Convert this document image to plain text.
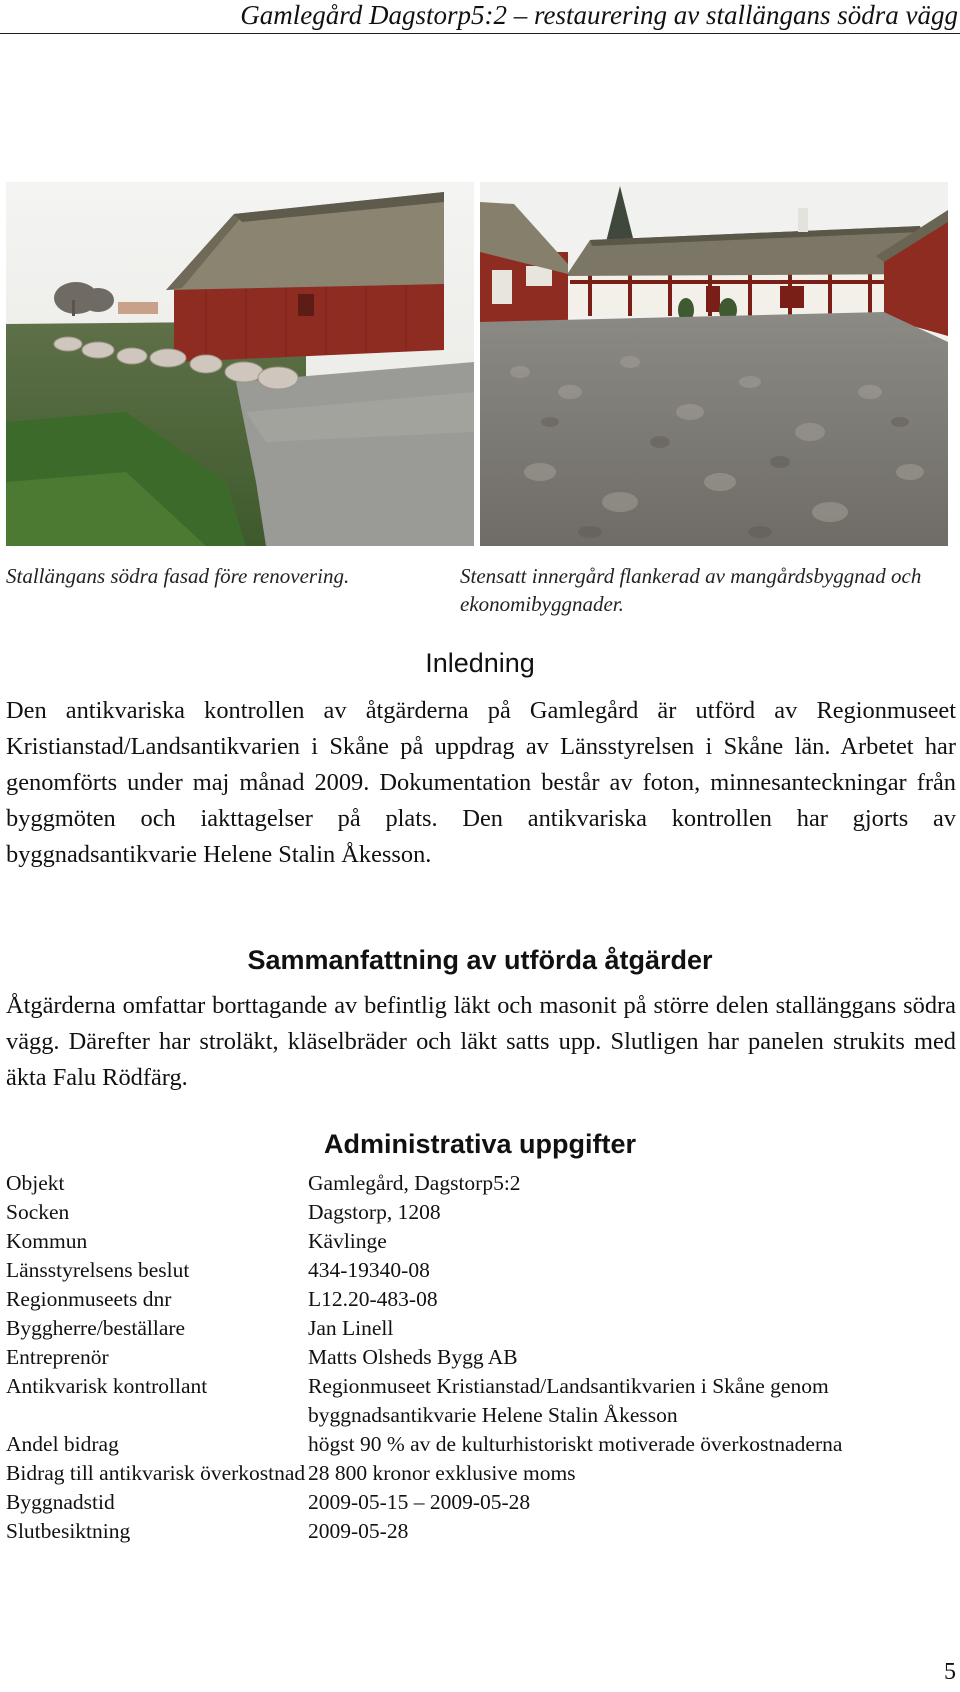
Gamlegård Dagstorp5:2 – restaurering av stallängans södra vägg
Stallängans södra fasad före renovering.	Stensatt innergård flankerad av mangårdsbyggnad och ekonomibyggnader.
Inledning
Den antikvariska kontrollen av åtgärderna på Gamlegård är utförd av Regionmuseet Kristianstad/Landsantikvarien i Skåne på uppdrag av Länsstyrelsen i Skåne län. Arbetet har genomförts under maj månad 2009. Dokumentation består av foton, minnesanteckningar från byggmöten och iakttagelser på plats. Den antikvariska kontrollen har gjorts av byggnadsantikvarie Helene Stalin Åkesson.
Sammanfattning av utförda åtgärder
Åtgärderna omfattar borttagande av befintlig läkt och masonit på större delen stallänggans södra vägg. Därefter har stroläkt, kläselbräder och läkt satts upp. Slutligen har panelen strukits med äkta Falu Rödfärg.
Administrativa uppgifter
Objekt	Gamlegård, Dagstorp5:2
Socken	Dagstorp, 1208
Kommun	Kävlinge
Länsstyrelsens beslut	434-19340-08
Regionmuseets dnr	L12.20-483-08
Byggherre/beställare	Jan Linell
Entreprenör	Matts Olsheds Bygg AB
Antikvarisk kontrollant	Regionmuseet Kristianstad/Landsantikvarien i Skåne genom byggnadsantikvarie Helene Stalin Åkesson
Andel bidrag	högst 90 % av de kulturhistoriskt motiverade överkostnaderna
Bidrag till antikvarisk överkostnad 28 800 kronor exklusive moms
Byggnadstid	2009-05-15 – 2009-05-28
Slutbesiktning	2009-05-28
5
